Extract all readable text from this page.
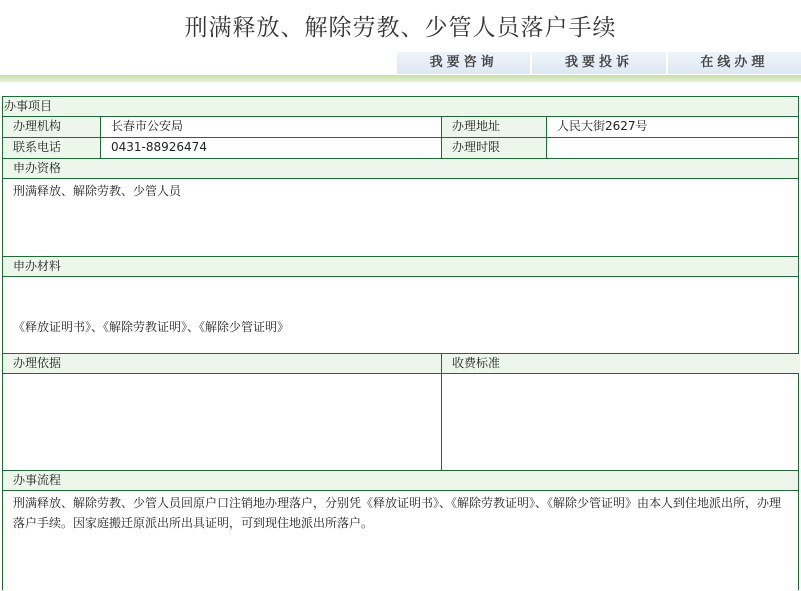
刑满释放、解除劳教、少管人员落户手续
我要咨询	我要投诉	在线办理
办事项目
办理机构	长春市公安局	办理地址	人民大街2627号
联系电话	0431-88926474	办理时限
申办资格
刑满释放、解除劳教、少管人员
申办材料
《释放证明书》、《解除劳教证明》、《解除少管证明》
办理依据	收费标准
办事流程
刑满释放、解除劳教、少管人员回原户口注销地办理落户，分别凭《释放证明书》、《解除劳教证明》、《解除少管证明》由本人到住地派出所，办理落户手续。因家庭搬迁原派出所出具证明，可到现住地派出所落户。
